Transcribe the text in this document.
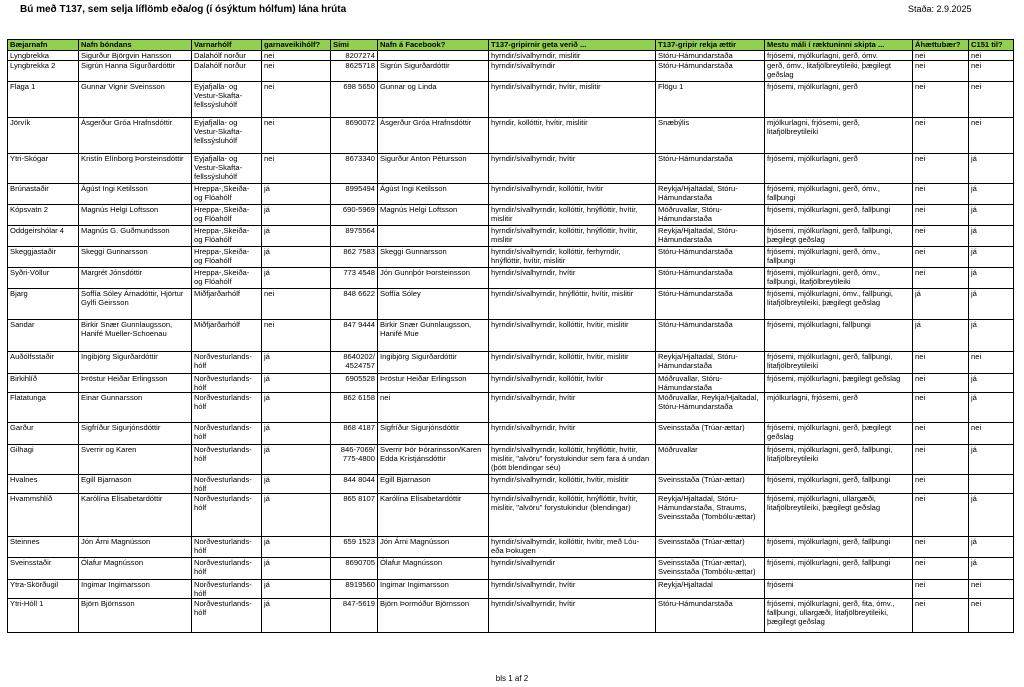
Bú með T137, sem selja líflömb eða/og (í ósýktum hólfum) lána hrúta	Staða: 2.9.2025
Bæjarnafn	Nafn bóndans	Varnarhólf	garnaveikihólf?	Sími	Nafn á Facebook?	T137-gripirnir geta verið ...	T137-gripir rekja ættir	Mestu máli í ræktuninni skipta ...	Áhættubær?	C151 til?
Lyngbrekka	Sigurður Björgvin Hansson	Dalahólf norður	nei	8207274		hyrndir/sívalhyrndir, mislitir	Stóru-Hámundarstaða	frjósemi, mjólkurlagni, gerð, ómv.	nei	nei
Lyngbrekka 2	Sigrún Hanna Sigurðardóttir	Dalahólf norður	nei	8625718	Sigrún Sigurðardóttir	hyrndir/sívalhyrndir	Stóru-Hámundarstaða	gerð, ómv., litafjölbreytileiki, þægilegt geðslag	nei	nei
Flaga 1	Gunnar Vignir Sveinsson	Eyjafjalla- og Vestur-Skafta-fellssýsluhólf	nei	698 5650	Gunnar og Linda	hyrndir/sívalhyrndir, hvítir, mislitir	Flögu 1	frjósemi, mjólkurlagni, gerð	nei	nei
Jörvík	Ásgerður Gróa Hrafnsdóttir	Eyjafjalla- og Vestur-Skafta-fellssýsluhólf	nei	8690072	Ásgerður Gróa Hrafnsdóttir	hyrndir, kollóttir, hvítir, mislitir	Snæbýlis	mjólkurlagni, frjósemi, gerð, litafjölbreytileiki	nei	nei
Ytri-Skógar	Kristín Elínborg Þorsteinsdóttir	Eyjafjalla- og Vestur-Skafta-fellssýsluhólf	nei	8673340	Sigurður Anton Pétursson	hyrndir/sívalhyrndir, hvítir	Stóru-Hámundarstaða	frjósemi, mjólkurlagni, gerð	nei	já
Brúnastaðir	Ágúst Ingi Ketilsson	Hreppa-,Skeiða- og Flóahólf	já	8995494	Ágúst Ingi Ketilsson	hyrndir/sívalhyrndir, kollóttir, hvítir	Reykja/Hjaltadal, Stóru-Hámundarstaða	frjósemi, mjólkurlagni, gerð, ómv., fallþungi	nei	já
Kópsvatn 2	Magnús Helgi Loftsson	Hreppa-,Skeiða- og Flóahólf	já	690-5969	Magnús Helgi Loftsson	hyrndir/sívalhyrndir, kollóttir, hnýflóttir, hvítir, mislitir	Móðruvallar, Stóru-Hámundarstaða	frjósemi, mjólkurlagni, gerð, fallþungi	nei	já
Oddgeirshólar 4	Magnús G. Guðmundsson	Hreppa-,Skeiða- og Flóahólf	já	8975564		hyrndir/sívalhyrndir, kollóttir, hnýflóttir, hvítir, mislitir	Reykja/Hjaltadal, Stóru-Hámundarstaða	frjósemi, mjólkurlagni, gerð, fallþungi, þægilegt geðslag	nei	já
Skeggjastaðir	Skeggi Gunnarsson	Hreppa-,Skeiða- og Flóahólf	já	862 7583	Skeggi Gunnarsson	hyrndir/sívalhyrndir, kollóttir, ferhyrndir, hnýflóttir, hvítir, mislitir	Stóru-Hámundarstaða	frjósemi, mjólkurlagni, gerð, ómv., fallþungi	nei	já
Syðri-Völlur	Margrét Jónsdóttir	Hreppa-,Skeiða- og Flóahólf	já	773 4548	Jón Gunnþór Þorsteinsson	hyrndir/sívalhyrndir, hvítir	Stóru-Hámundarstaða	frjósemi, mjólkurlagni, gerð, ómv., fallþungi, litafjölbreytileiki	nei	já
Bjarg	Soffía Sóley Árnadóttir, Hjörtur Gylfi Geirsson	Miðfjarðarhólf	nei	848 6622	Soffía Sóley	hyrndir/sívalhyrndir, hnýflóttir, hvítir, mislitir	Stóru-Hámundarstaða	frjósemi, mjólkurlagni, ómv., fallþungi, litafjölbreytileiki, þægilegt geðslag	já	já
Sandar	Birkir Snær Gunnlaugsson, Hanifé Mueller-Schoenau	Miðfjarðarhólf	nei	847 9444	Birkir Snær Gunnlaugsson, Hanifé Mue	hyrndir/sívalhyrndir, kollóttir, hvítir, mislitir	Stóru-Hámundarstaða	frjósemi, mjólkurlagni, fallþungi	já	já
Auðólfsstaðir	Ingibjörg Sigurðardóttir	Norðvesturlands-hólf	já	8640202/ 4524757	Ingibjörg Sigurðardóttir	hyrndir/sívalhyrndir, kollóttir, hvítir, mislitir	Reykja/Hjaltadal, Stóru-Hámundarstaða	frjósemi, mjólkurlagni, gerð, fallþungi, litafjölbreytileiki	nei	nei
Birkihlíð	Þröstur Heiðar Erlingsson	Norðvesturlands-hólf	já	6905528	Þröstur Heiðar Erlingsson	hyrndir/sívalhyrndir, kollóttir, hvítir	Móðruvallar, Stóru-Hámundarstaða	frjósemi, mjólkurlagni, þægilegt geðslag	nei	já
Flatatunga	Einar Gunnarsson	Norðvesturlands-hólf	já	862 6158	nei	hyrndir/sívalhyrndir, hvítir	Móðruvallar, Reykja/Hjaltadal, Stóru-Hámundarstaða	mjólkurlagni, frjósemi, gerð	nei	já
Garður	Sigfríður Sigurjónsdóttir	Norðvesturlands-hólf	já	868 4187	Sigfríður Sigurjónsdóttir	hyrndir/sívalhyrndir, hvítir	Sveinsstaða (Trúar-ættar)	frjósemi, mjólkurlagni, gerð, þægilegt geðslag	nei	nei
Gilhagi	Sverrir og Karen	Norðvesturlands-hólf	já	846-7069/ 775-4800	Sverrir Þór Þórarinsson/Karen Edda Kristjánsdóttir	hyrndir/sívalhyrndir, kollóttir, hnýflóttir, hvítir, mislitir, "alvöru" forystukindur sem fara á undan (þótt blendingar séu)	Móðruvallar	frjósemi, mjólkurlagni, gerð, fallþungi, litafjölbreytileiki	nei	já
Hvalnes	Egill Bjarnason	Norðvesturlands-hólf	já	844 8044	Egill Bjarnason	hyrndir/sívalhyrndir, kollóttir, hvítir, mislitir	Sveinsstaða (Trúar-ættar)	frjósemi, mjólkurlagni, gerð, fallþungi	nei	
Hvammshlíð	Karólína Elísabetardóttir	Norðvesturlands-hólf	já	865 8107	Karólína Elísabetardóttir	hyrndir/sívalhyrndir, kollóttir, hnýflóttir, hvítir, mislitir, "alvöru" forystukindur (blendingar)	Reykja/Hjaltadal, Stóru-Hámundarstaða, Straums, Sveinsstaða (Tombólu-ættar)	frjósemi, mjólkurlagni, ullargæði, litafjölbreytileiki, þægilegt geðslag	nei	já
Steinnes	Jón Árni Magnússon	Norðvesturlands-hólf	já	659 1523	Jón Árni Magnússon	hyrndir/sívalhyrndir, kollóttir, hvítir, með Lóu- eða Þokugen	Sveinsstaða (Trúar-ættar)	frjósemi, mjólkurlagni, gerð, fallþungi	nei	já
Sveinsstaðir	Ólafur Magnússon	Norðvesturlands-hólf	já	8690705	Ólafur Magnússon	hyrndir/sívalhyrndir	Sveinsstaða (Trúar-ættar), Sveinsstaða (Tombólu-ættar)	frjósemi, mjólkurlagni, gerð, fallþungi	nei	já
Ytra-Skörðugil	Ingimar Ingimarsson	Norðvesturlands-hólf	já	8919560	Ingimar Ingimarsson	hyrndir/sívalhyrndir, hvítir	Reykja/Hjaltadal	frjósemi	nei	nei
Ytri-Hóll 1	Björn Björnsson	Norðvesturlands-hólf	já	847-5619	Björn Þormóður Björnsson	hyrndir/sívalhyrndir, hvítir	Stóru-Hámundarstaða	frjósemi, mjólkurlagni, gerð, fita, ómv., fallþungi, ullargæði, litafjölbreytileiki, þægilegt geðslag	nei	nei
bls 1 af 2
